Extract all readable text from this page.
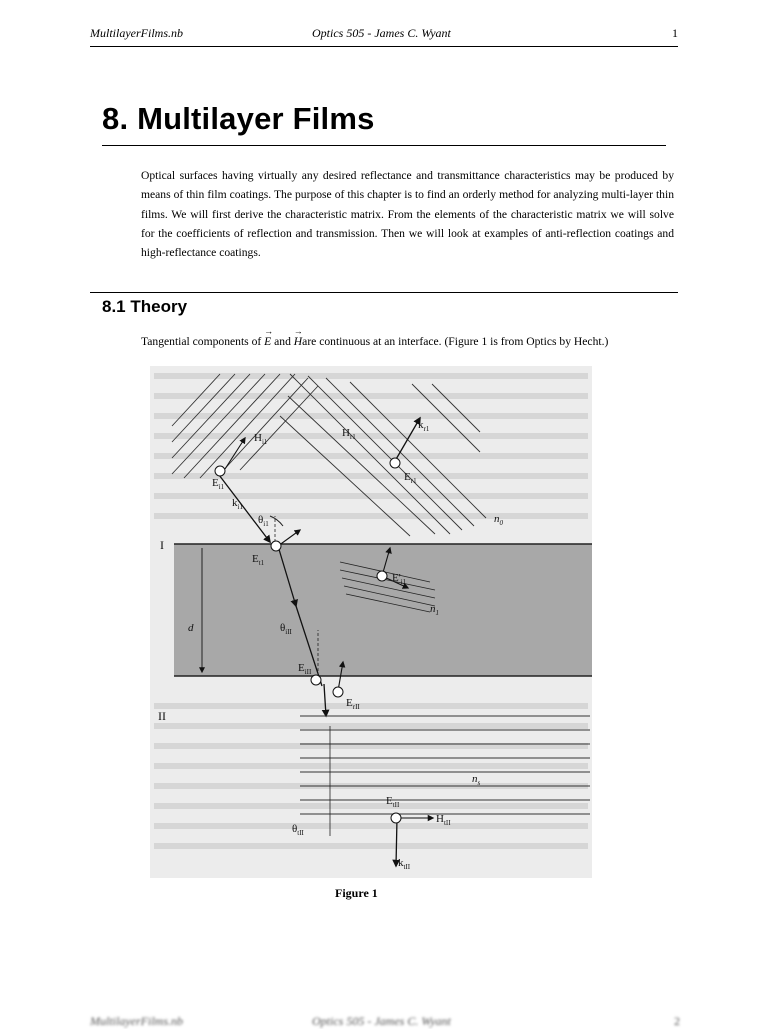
MultilayerFilms.nb	Optics 505 - James C. Wyant	1
8. Multilayer Films

Optical surfaces having virtually any desired reflectance and transmittance characteristics may be produced by means of thin film coatings. The purpose of this chapter is to find an orderly method for analyzing multi-layer thin films. We will first derive the characteristic matrix. From the elements of the characteristic matrix we will solve for the coefficients of reflection and transmission. Then we will look at examples of anti-reflection coatings and high-reflectance coatings.

8.1 Theory

Tangential components of → E and → Hare continuous at an interface. (Figure 1 is from Optics by Hecht.)

$E_{i1}$
$H_{i1}$
$k_{i1}$
$\theta_{i1}$
$H_{r1}$
$k_{r1}$
$E_{r1}$
$n_0$
I
$E_{t1}$
$E'_{i1}$
$n_1$
d	$\theta_{iII}$
$E_{iII}$
$E_{rII}$
II
$n_s$
$E_{tII}$
$H_{tII}$
$\theta_{tII}$
$k_{tII}$
Figure 1
MultilayerFilms.nb	Optics 505 - James C. Wyant	2
